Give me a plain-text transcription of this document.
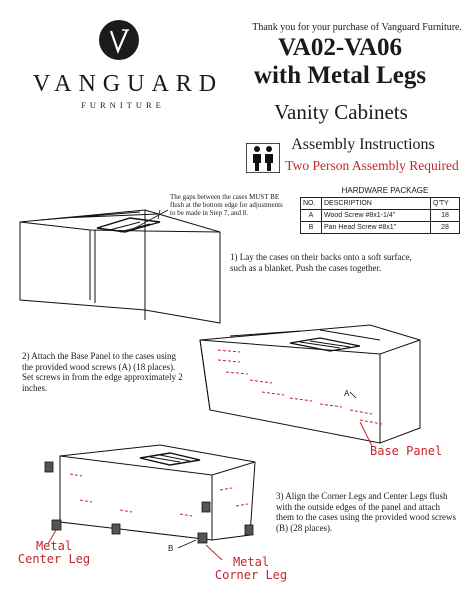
VANGUARD
FURNITURE
Thank you for your purchase of Vanguard Furniture.
VA02-VA06
with Metal Legs
Vanity Cabinets
Assembly Instructions
Two Person Assembly Required
HARDWARE PACKAGE
NO.	DESCRIPTION	Q'TY
A	Wood Screw #8x1-1/4"	18
B	Pan Head Screw #8x1"	28
The gaps between the cases MUST BE flush at the bottom edge for adjustments to be made in Step 7, and 8.
1) Lay the cases on their backs onto a soft surface, such as a blanket. Push the cases together.
2) Attach the Base Panel to the cases using the provided wood screws (A) (18 places). Set screws in from the edge approximately 2 inches.
3) Align the Corner Legs and Center Legs flush with the outside edges of the panel and attach them to the cases using the provided wood screws (B) (28 places).
Base Panel
Metal
Center Leg	Metal
Corner Leg
A
B
